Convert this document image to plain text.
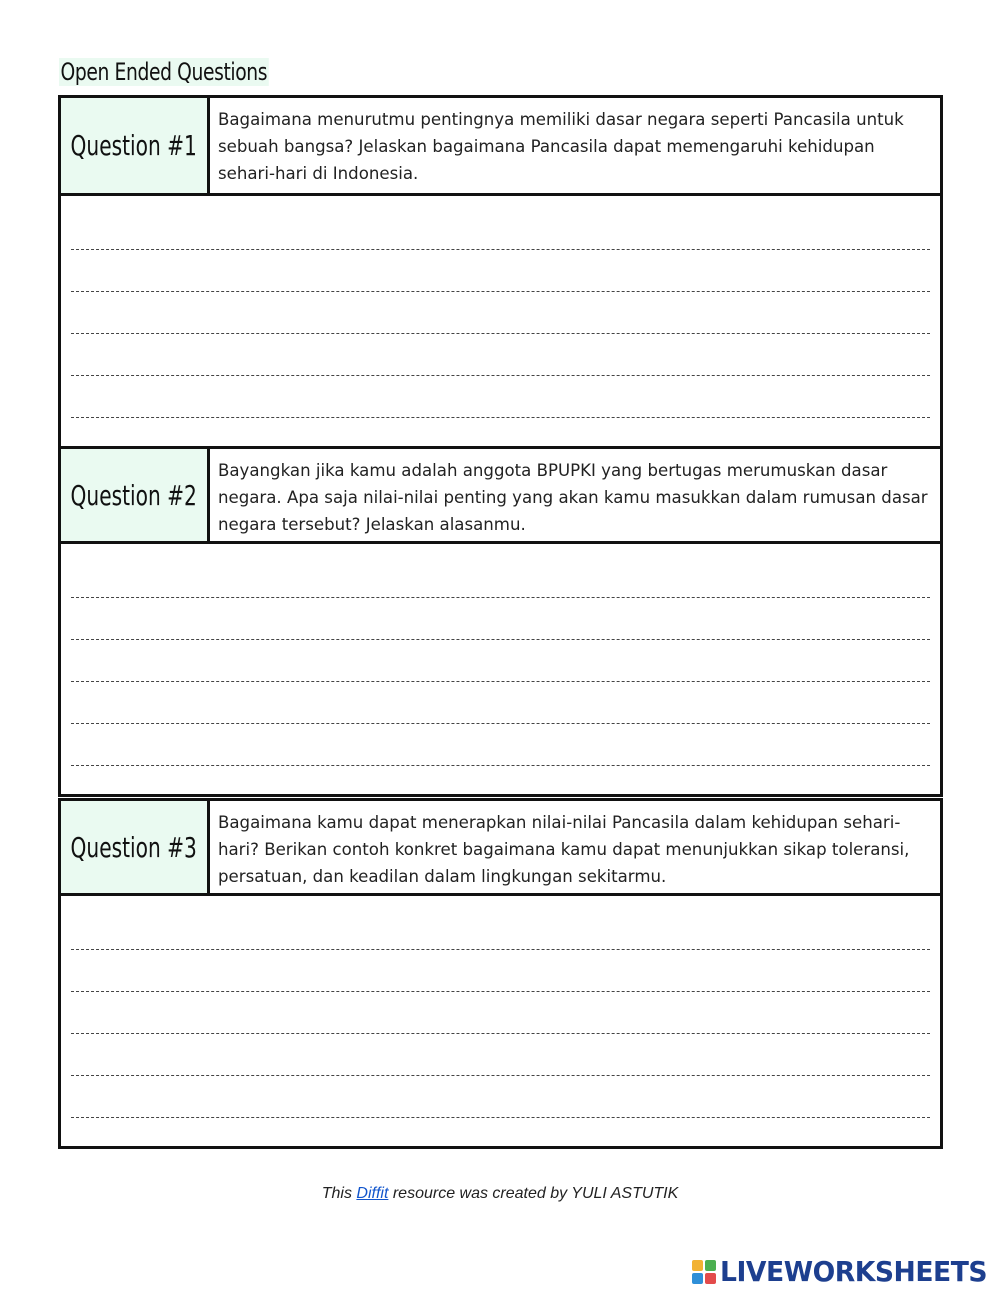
Open Ended Questions
Question #1
Bagaimana menurutmu pentingnya memiliki dasar negara seperti Pancasila untuk sebuah bangsa? Jelaskan bagaimana Pancasila dapat memengaruhi kehidupan sehari-hari di Indonesia.
Question #2
Bayangkan jika kamu adalah anggota BPUPKI yang bertugas merumuskan dasar negara. Apa saja nilai-nilai penting yang akan kamu masukkan dalam rumusan dasar negara tersebut? Jelaskan alasanmu.
Question #3
Bagaimana kamu dapat menerapkan nilai-nilai Pancasila dalam kehidupan sehari-hari? Berikan contoh konkret bagaimana kamu dapat menunjukkan sikap toleransi, persatuan, dan keadilan dalam lingkungan sekitarmu.
This Diffit resource was created by YULI ASTUTIK
LIVEWORKSHEETS
